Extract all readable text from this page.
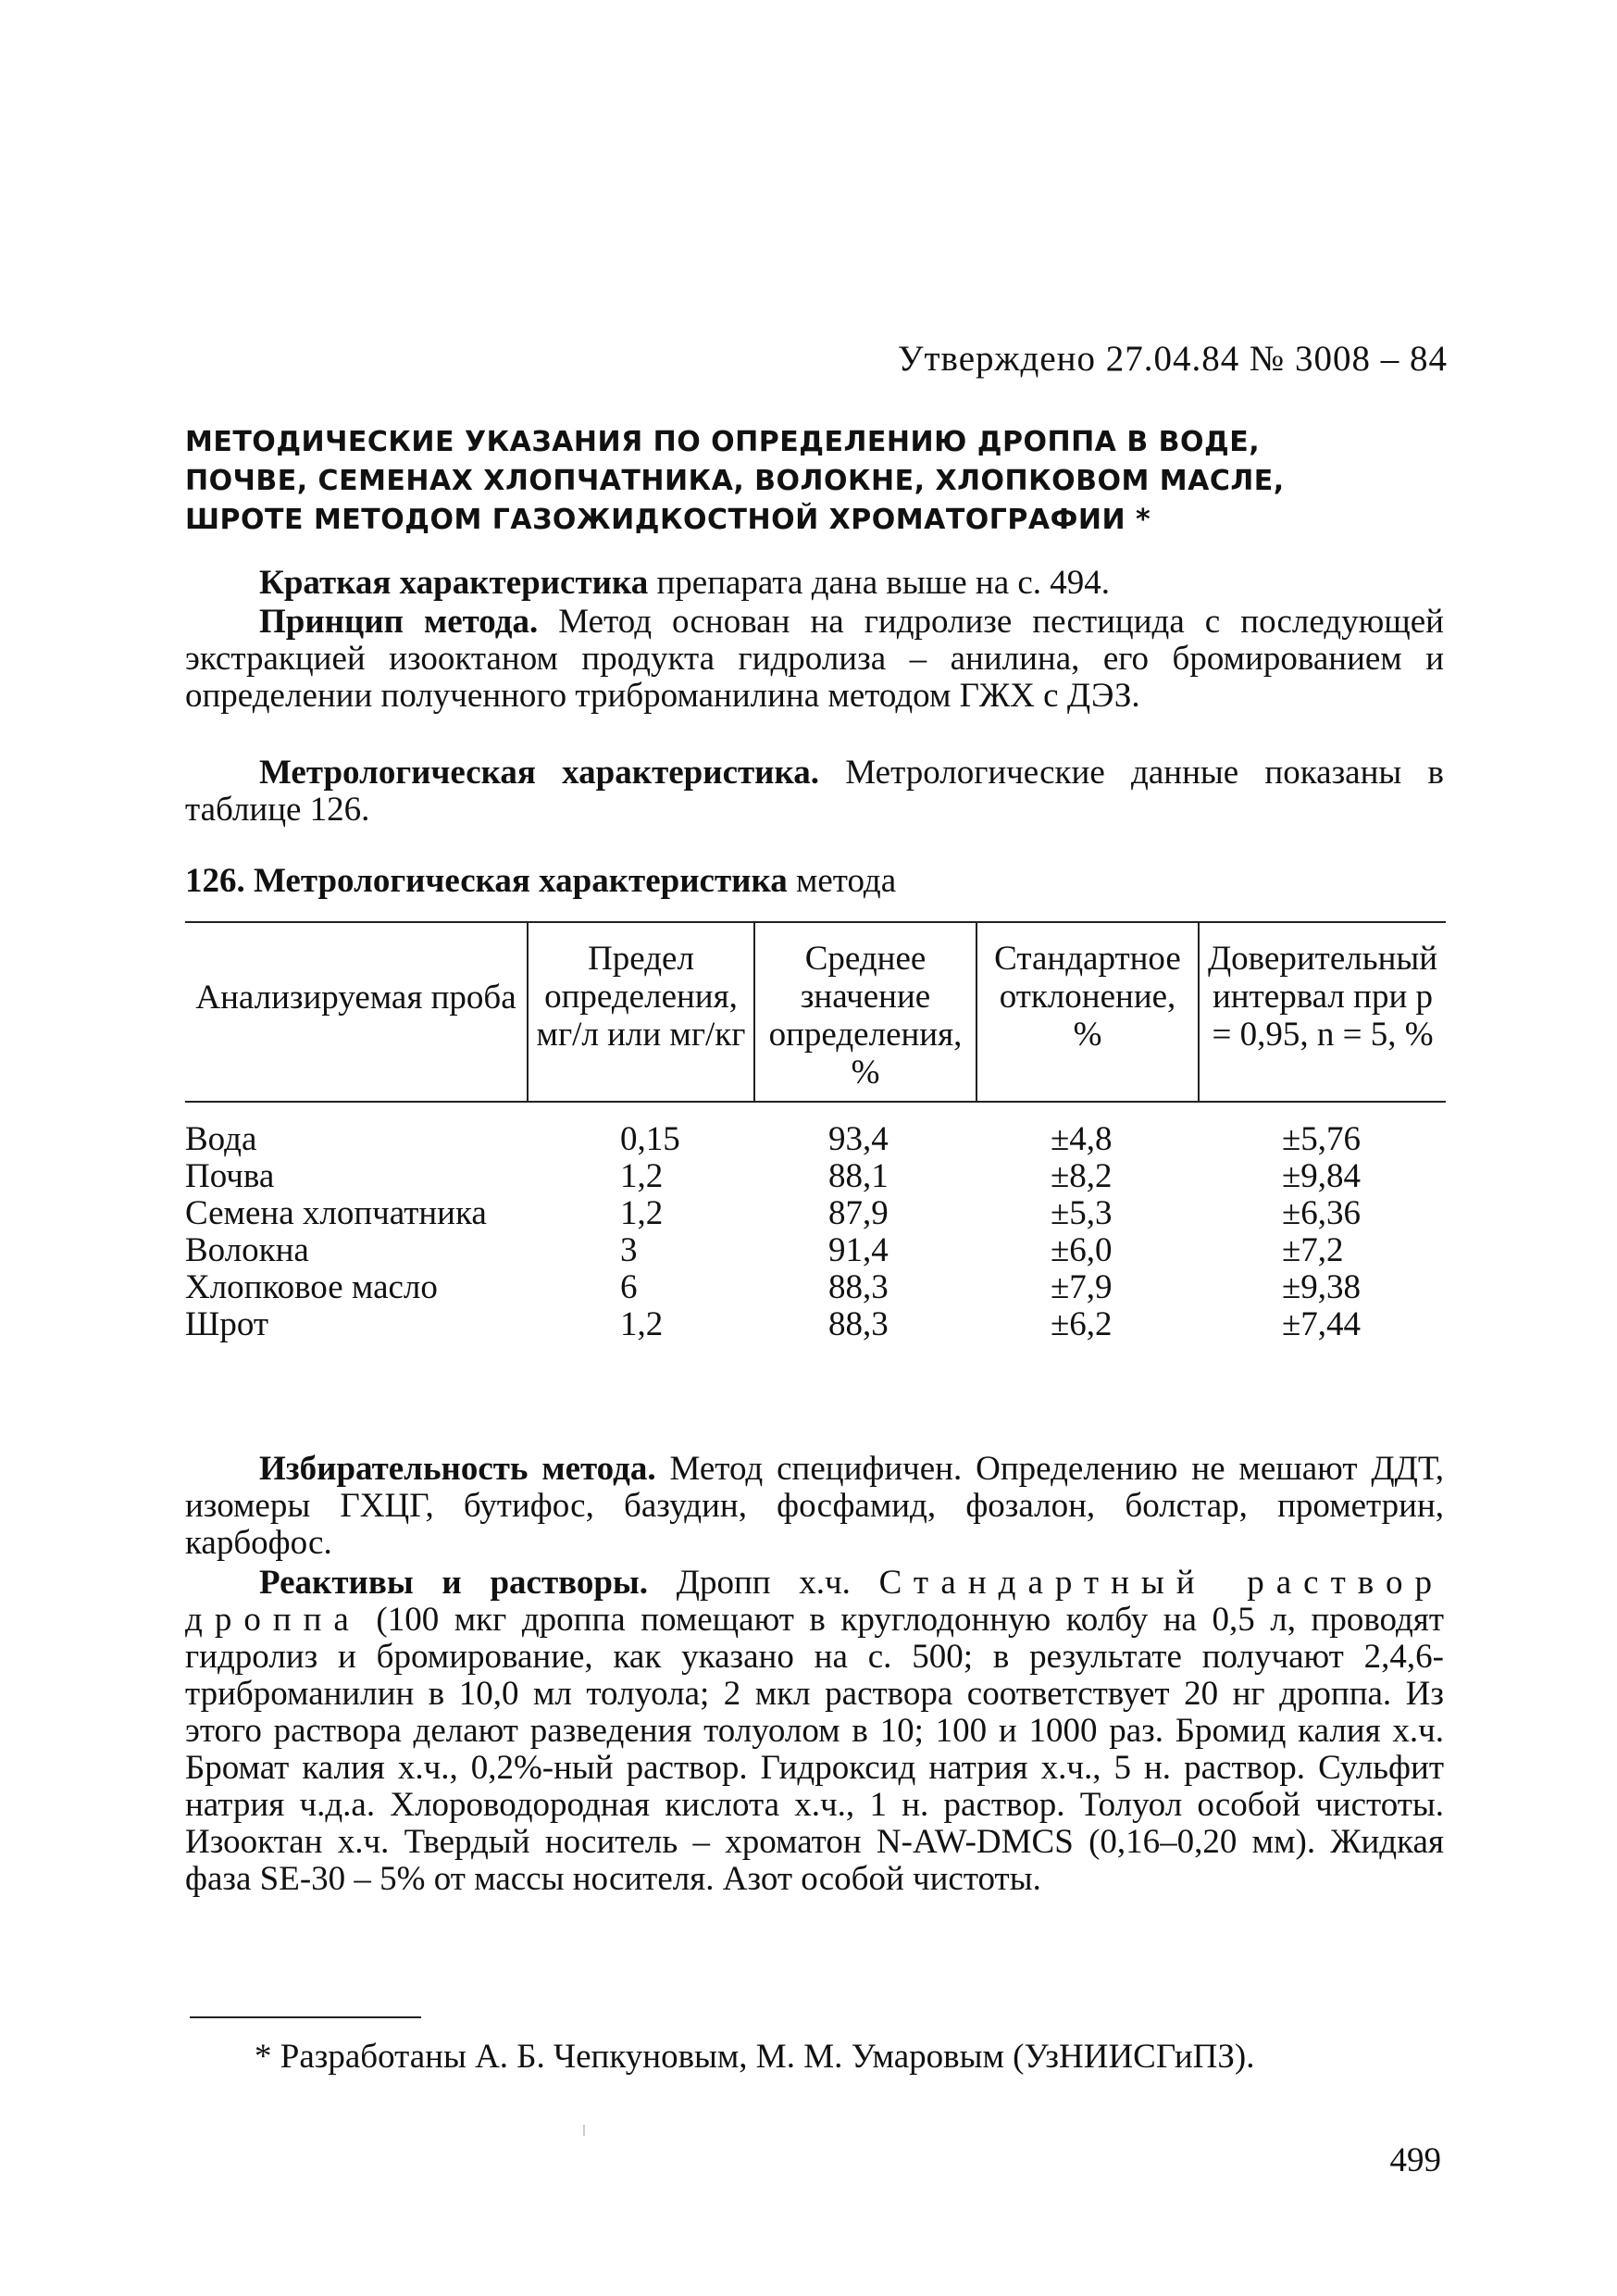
Утверждено 27.04.84 № 3008 – 84
МЕТОДИЧЕСКИЕ УКАЗАНИЯ ПО ОПРЕДЕЛЕНИЮ ДРОППА В ВОДЕ,
ПОЧВЕ, СЕМЕНАХ ХЛОПЧАТНИКА, ВОЛОКНЕ, ХЛОПКОВОМ МАСЛЕ,
ШРОТЕ МЕТОДОМ ГАЗОЖИДКОСТНОЙ ХРОМАТОГРАФИИ *
Краткая характеристика препарата дана выше на с. 494.
Принцип метода. Метод основан на гидролизе пестицида с последующей экстракцией изооктаном продукта гидролиза – анилина, его бромированием и определении полученного триброманилина методом ГЖХ с ДЭЗ.
Метрологическая характеристика. Метрологические данные показаны в таблице 126.
126. Метрологическая характеристика метода
Анализируемая проба	Предел определения, мг/л или мг/кг	Среднее значение определения, %	Стандартное отклонение, %	Доверительный интервал при p = 0,95, n = 5, %
Вода	0,15	93,4	±4,8	±5,76
Почва	1,2	88,1	±8,2	±9,84
Семена хлопчатника	1,2	87,9	±5,3	±6,36
Волокна	3	91,4	±6,0	±7,2
Хлопковое масло	6	88,3	±7,9	±9,38
Шрот	1,2	88,3	±6,2	±7,44
Избирательность метода. Метод специфичен. Определению не мешают ДДТ, изомеры ГХЦГ, бутифос, базудин, фосфамид, фозалон, болстар, прометрин, карбофос.
Реактивы и растворы. Дропп х.ч. Стандартный раствор дроппа (100 мкг дроппа помещают в круглодонную колбу на 0,5 л, проводят гидролиз и бромирование, как указано на с. 500; в результате получают 2,4,6-триброманилин в 10,0 мл толуола; 2 мкл раствора соответствует 20 нг дроппа. Из этого раствора делают разведения толуолом в 10; 100 и 1000 раз. Бромид калия х.ч. Бромат калия х.ч., 0,2%-ный раствор. Гидроксид натрия х.ч., 5 н. раствор. Сульфит натрия ч.д.а. Хлороводородная кислота х.ч., 1 н. раствор. Толуол особой чистоты. Изооктан х.ч. Твердый носитель – хроматон N-AW-DMCS (0,16–0,20 мм). Жидкая фаза SE-30 – 5% от массы носителя. Азот особой чистоты.
* Разработаны А. Б. Чепкуновым, М. М. Умаровым (УзНИИСГиПЗ).
499
